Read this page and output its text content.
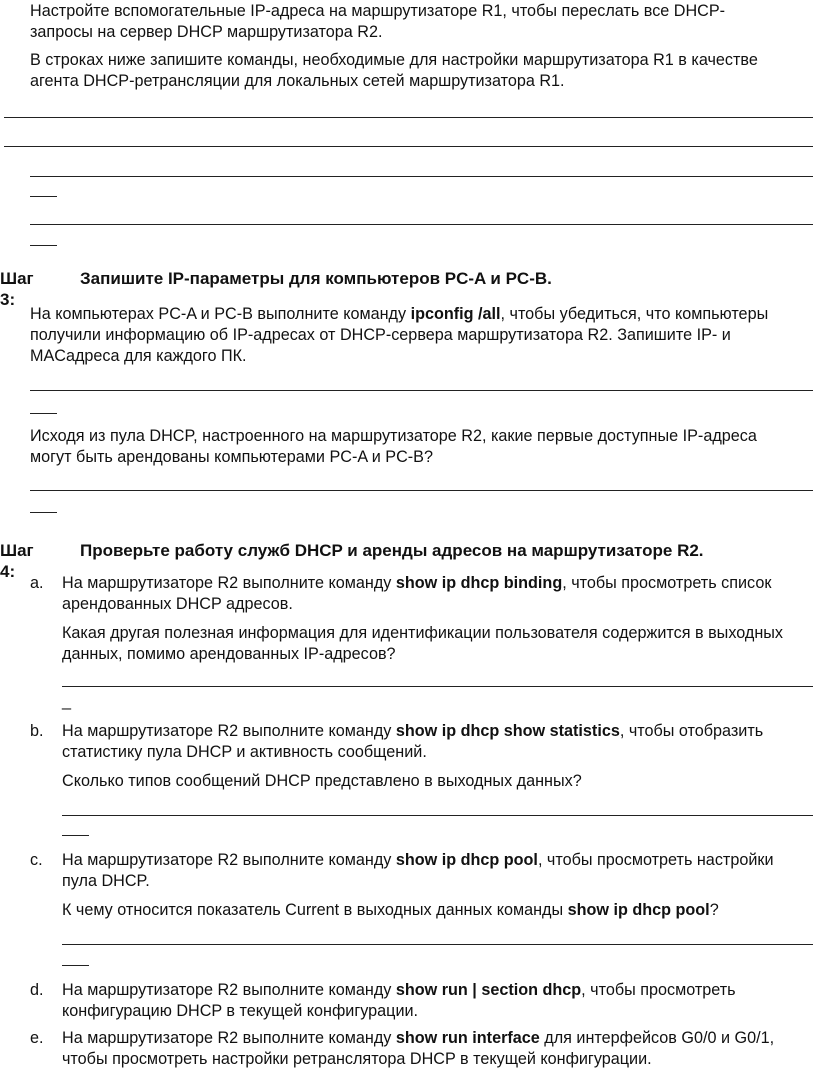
Настройте вспомогательные IP-адреса на маршрутизаторе R1, чтобы переслать все DHCP-
запросы на сервер DHCP маршрутизатора R2.

В строках ниже запишите команды, необходимые для настройки маршрутизатора R1 в качестве
агента DHCP-ретрансляции для локальных сетей маршрутизатора R1.

Шаг 3:
Запишите IP-параметры для компьютеров PC-A и PC-B.

На компьютерах PC-A и PC-B выполните команду ipconfig /all, чтобы убедиться, что компьютеры
получили информацию об IP-адресах от DHCP-сервера маршрутизатора R2. Запишите IP- и
MACадреса для каждого ПК.

Исходя из пула DHCP, настроенного на маршрутизаторе R2, какие первые доступные IP-адреса
могут быть арендованы компьютерами PC-A и PC-B?

Шаг 4:
Проверьте работу служб DHCP и аренды адресов на маршрутизаторе R2.
a. На маршрутизаторе R2 выполните команду show ip dhcp binding, чтобы просмотреть список
арендованных DHCP адресов.

Какая другая полезная информация для идентификации пользователя содержится в выходных
данных, помимо арендованных IP-адресов?

_
b. На маршрутизаторе R2 выполните команду show ip dhcp show statistics, чтобы отобразить
статистику пула DHCP и активность сообщений.

Сколько типов сообщений DHCP представлено в выходных данных?

c. На маршрутизаторе R2 выполните команду show ip dhcp pool, чтобы просмотреть настройки
пула DHCP.

К чему относится показатель Current в выходных данных команды show ip dhcp pool?

d. На маршрутизаторе R2 выполните команду show run | section dhcp, чтобы просмотреть
конфигурацию DHCP в текущей конфигурации.

e. На маршрутизаторе R2 выполните команду show run interface для интерфейсов G0/0 и G0/1,
чтобы просмотреть настройки ретранслятора DHCP в текущей конфигурации.
